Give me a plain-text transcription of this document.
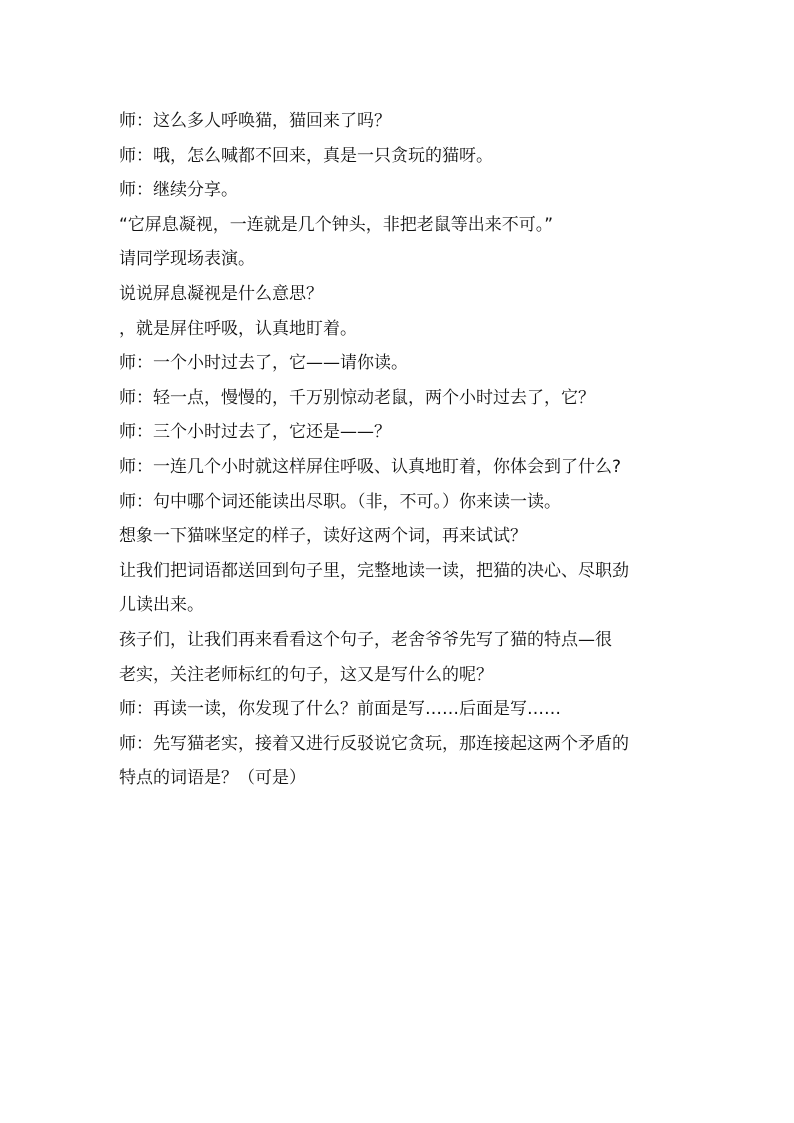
师：这么多人呼唤猫，猫回来了吗？

师：哦，怎么喊都不回来，真是一只贪玩的猫呀。

师：继续分享。

“它屏息凝视，一连就是几个钟头，非把老鼠等出来不可。”

请同学现场表演。

说说屏息凝视是什么意思？

，就是屏住呼吸，认真地盯着。

师：一个小时过去了，它——请你读。

师：轻一点，慢慢的，千万别惊动老鼠，两个小时过去了，它？

师：三个小时过去了，它还是——？

师：一连几个小时就这样屏住呼吸、认真地盯着，你体会到了什么?

师：句中哪个词还能读出尽职。（非，不可。）你来读一读。

想象一下猫咪坚定的样子，读好这两个词，再来试试？

让我们把词语都送回到句子里，完整地读一读，把猫的决心、尽职劲

儿读出来。

孩子们，让我们再来看看这个句子，老舍爷爷先写了猫的特点—很

老实，关注老师标红的句子，这又是写什么的呢？

师：再读一读，你发现了什么？前面是写……后面是写……

师：先写猫老实，接着又进行反驳说它贪玩，那连接起这两个矛盾的

特点的词语是？（可是）
